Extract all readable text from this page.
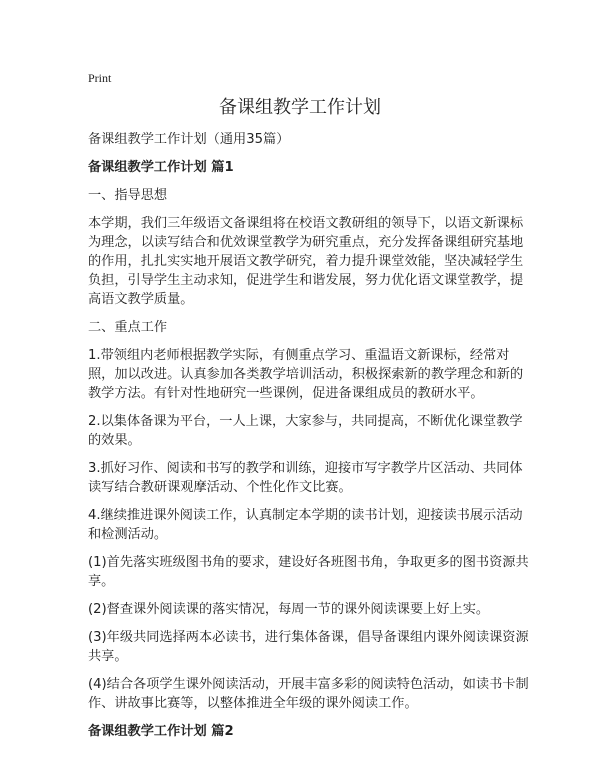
Print
备课组教学工作计划

备课组教学工作计划（通用35篇）

备课组教学工作计划 篇1

一、指导思想

本学期，我们三年级语文备课组将在校语文教研组的领导下，以语文新课标为理念，以读写结合和优效课堂教学为研究重点，充分发挥备课组研究基地的作用，扎扎实实地开展语文教学研究，着力提升课堂效能，坚决减轻学生负担，引导学生主动求知，促进学生和谐发展，努力优化语文课堂教学，提高语文教学质量。

二、重点工作

1.带领组内老师根据教学实际，有侧重点学习、重温语文新课标，经常对照，加以改进。认真参加各类教学培训活动，积极探索新的教学理念和新的教学方法。有针对性地研究一些课例，促进备课组成员的教研水平。

2.以集体备课为平台，一人上课，大家参与，共同提高，不断优化课堂教学的效果。

3.抓好习作、阅读和书写的教学和训练，迎接市写字教学片区活动、共同体读写结合教研课观摩活动、个性化作文比赛。

4.继续推进课外阅读工作，认真制定本学期的读书计划，迎接读书展示活动和检测活动。

(1)首先落实班级图书角的要求，建设好各班图书角，争取更多的图书资源共享。

(2)督查课外阅读课的落实情况，每周一节的课外阅读课要上好上实。

(3)年级共同选择两本必读书，进行集体备课，倡导备课组内课外阅读课资源共享。

(4)结合各项学生课外阅读活动，开展丰富多彩的阅读特色活动，如读书卡制作、讲故事比赛等，以整体推进全年级的课外阅读工作。

备课组教学工作计划 篇2
